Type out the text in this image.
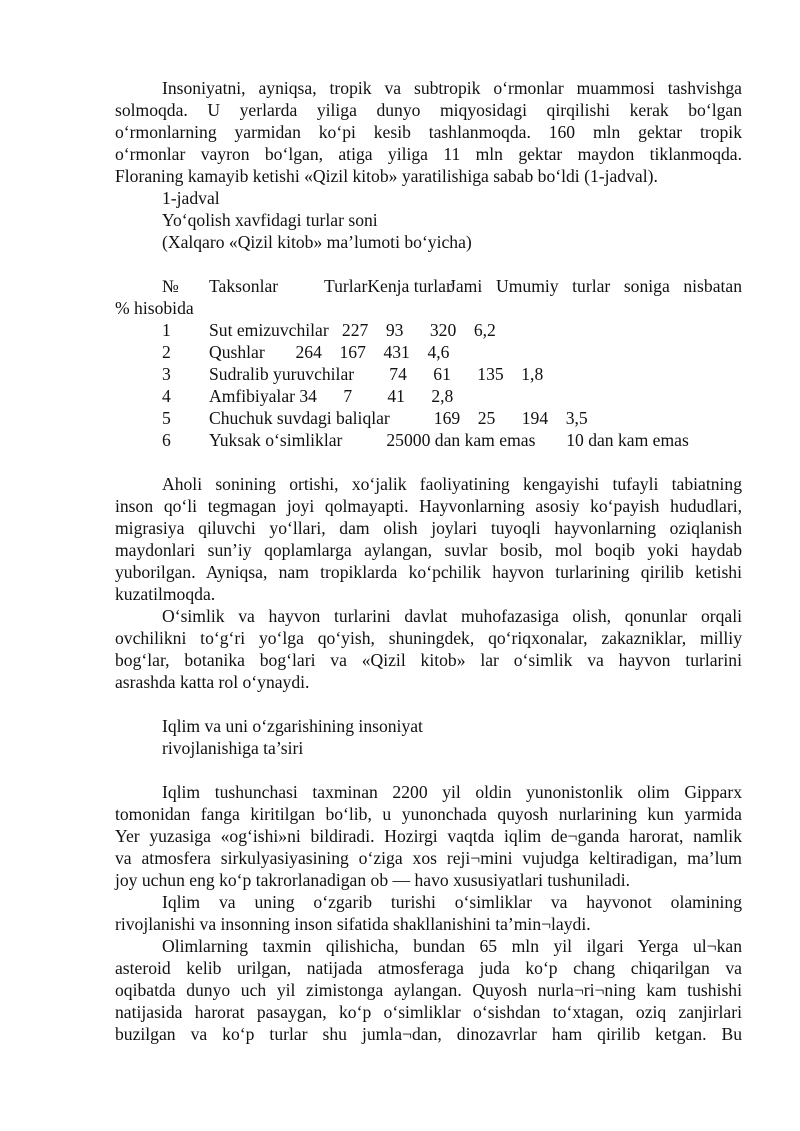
Insoniyatni, ayniqsa, tropik va subtropik o‘rmonlar muammosi tashvishga
solmoqda. U yerlarda yiliga dunyo miqyosidagi qirqilishi kerak bo‘lgan
o‘rmonlarning yarmidan ko‘pi kesib tashlanmoqda. 160 mln gektar tropik
o‘rmonlar vayron bo‘lgan, atiga yiliga 11 mln gektar maydon tiklanmoqda.
Floraning kamayib ketishi «Qizil kitob» yaratilishiga sabab bo‘ldi (1-jadval).
1-jadval
Yo‘qolish xavfidagi turlar soni
(Xalqaro «Qizil kitob» ma’lumoti bo‘yicha)
№ Taksonlar	TurlarKenja turlar
Jami Umumiy turlar soniga nisbatan
% hisobida
1 Sut emizuvchilar   227    93      320    6,2
2 Qushlar       264    167    431    4,6
3 Sudralib yuruvchilar        74      61      135    1,8
4 Amfibiyalar 34      7        41      2,8
5 Chuchuk suvdagi baliqlar          169    25      194    3,5
6 Yuksak o‘simliklar          25000 dan kam emas       10 dan kam emas
Aholi sonining ortishi, xo‘jalik faoliyatining kengayishi tufayli tabiatning
inson qo‘li tegmagan joyi qolmayapti. Hayvonlarning asosiy ko‘payish hududlari,
migrasiya qiluvchi yo‘llari, dam olish joylari tuyoqli hayvonlarning oziqlanish
maydonlari sun’iy qoplamlarga aylangan, suvlar bosib, mol boqib yoki haydab
yuborilgan. Ayniqsa, nam tropiklarda ko‘pchilik hayvon turlarining qirilib ketishi
kuzatilmoqda.
O‘simlik va hayvon turlarini davlat muhofazasiga olish, qonunlar orqali
ovchilikni to‘g‘ri yo‘lga qo‘yish, shuningdek, qo‘riqxonalar, zakazniklar, milliy
bog‘lar, botanika bog‘lari va «Qizil kitob» lar o‘simlik va hayvon turlarini
asrashda katta rol o‘ynaydi.
Iqlim va uni o‘zgarishining insoniyat
rivojlanishiga ta’siri
Iqlim tushunchasi taxminan 2200 yil oldin yunonistonlik olim Gipparx
tomonidan fanga kiritilgan bo‘lib, u yunonchada quyosh nurlarining kun yarmida
Yer yuzasiga «og‘ishi»ni bildiradi. Hozirgi vaqtda iqlim de¬ganda harorat, namlik
va atmosfera sirkulyasiyasining o‘ziga xos reji¬mini vujudga keltiradigan, ma’lum
joy uchun eng ko‘p takrorlanadigan ob — havo xususiyatlari tushuniladi.
Iqlim va uning o‘zgarib turishi o‘simliklar va hayvonot olamining
rivojlanishi va insonning inson sifatida shakllanishini ta’min¬laydi.
Olimlarning taxmin qilishicha, bundan 65 mln yil ilgari Yerga ul¬kan
asteroid kelib urilgan, natijada atmosferaga juda ko‘p chang chiqarilgan va
oqibatda dunyo uch yil zimistonga aylangan. Quyosh nurla¬ri¬ning kam tushishi
natijasida harorat pasaygan, ko‘p o‘simliklar o‘sishdan to‘xtagan, oziq zanjirlari
buzilgan va ko‘p turlar shu jumla¬dan, dinozavrlar ham qirilib ketgan. Bu
